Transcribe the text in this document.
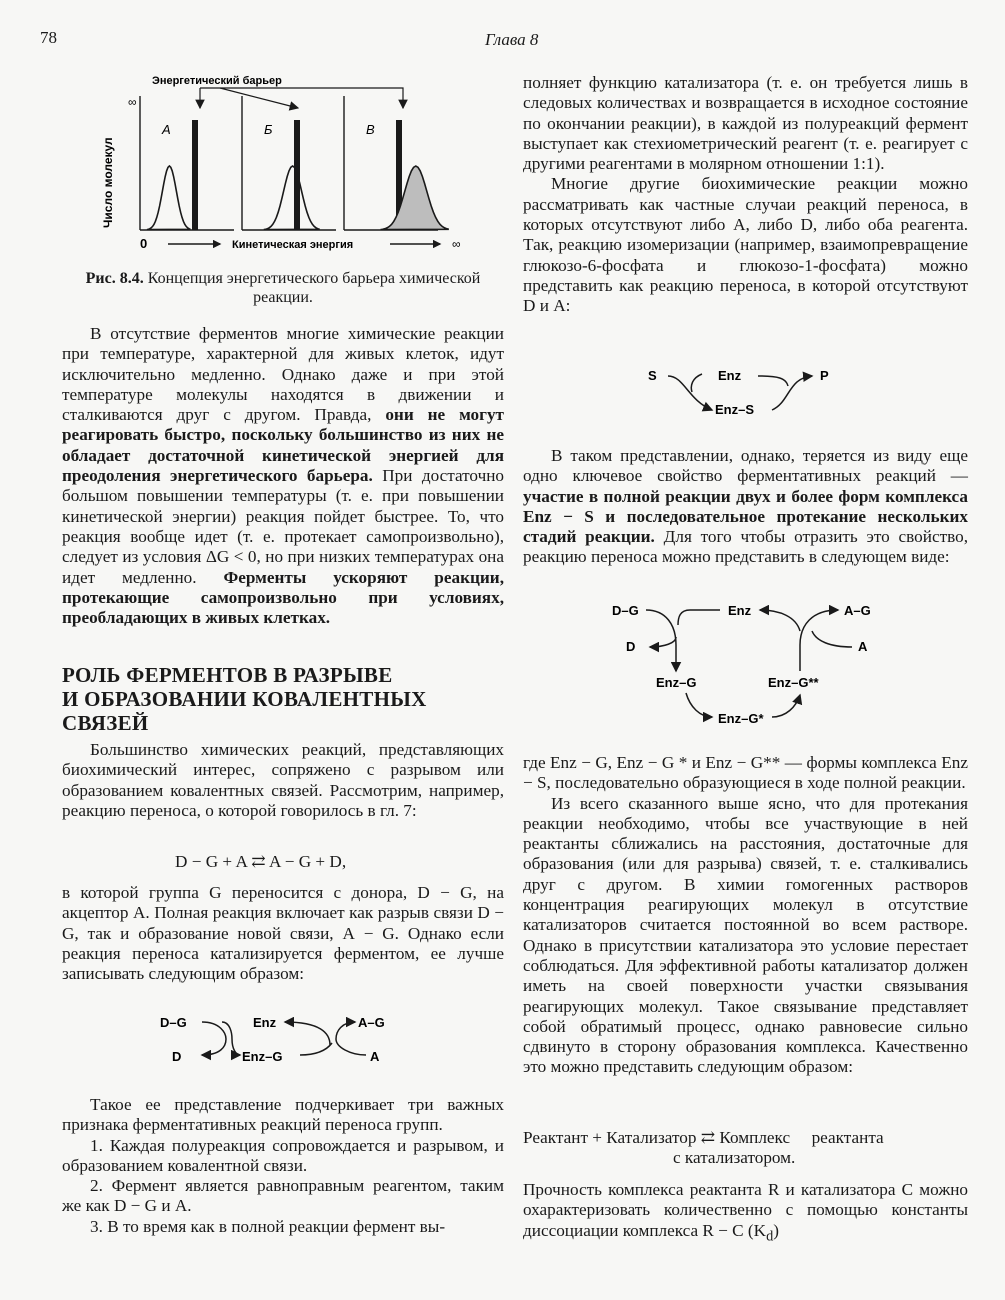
78	Глава 8
Энергетический барьер
Число молекул
∞
0	Кинетическая энергия	∞
А	Б	В
Рис. 8.4. Концепция энергетического барьера химической реакции.

В отсутствие ферментов многие химические реакции при температуре, характерной для живых клеток, идут исключительно медленно. Однако даже и при этой температуре молекулы находятся в движении и сталкиваются друг с другом. Правда, они не могут реагировать быстро, поскольку большинство из них не обладает достаточной кинетической энергией для преодоления энергетического барьера. При достаточно большом повышении температуры (т. е. при повышении кинетической энергии) реакция пойдет быстрее. То, что реакция вообще идет (т. е. протекает самопроизвольно), следует из условия ΔG < 0, но при низких температурах она идет медленно. Ферменты ускоряют реакции, протекающие самопроизвольно при условиях, преобладающих в живых клетках.

РОЛЬ ФЕРМЕНТОВ В РАЗРЫВЕ
И ОБРАЗОВАНИИ КОВАЛЕНТНЫХ
СВЯЗЕЙ

Большинство химических реакций, представляющих биохимический интерес, сопряжено с разрывом или образованием ковалентных связей. Рассмотрим, например, реакцию переноса, о которой говорилось в гл. 7:

D − G + A ⇄ A − G + D,

в которой группа G переносится с донора, D − G, на акцептор А. Полная реакция включает как разрыв связи D − G, так и образование новой связи, А − G. Однако если реакция переноса катализируется ферментом, ее лучше записывать следующим образом:

D–G	Enz	A–G
D	Enz–G	A

Такое ее представление подчеркивает три важных признака ферментативных реакций переноса групп.

1. Каждая полуреакция сопровождается и разрывом, и образованием ковалентной связи.

2. Фермент является равноправным реагентом, таким же как D − G и A.

3. В то время как в полной реакции фермент вы-

полняет функцию катализатора (т. е. он требуется лишь в следовых количествах и возвращается в исходное состояние по окончании реакции), в каждой из полуреакций фермент выступает как стехиометрический реагент (т. е. реагирует с другими реагентами в молярном отношении 1:1).

Многие другие биохимические реакции можно рассматривать как частные случаи реакций переноса, в которых отсутствуют либо А, либо D, либо оба реагента. Так, реакцию изомеризации (например, взаимопревращение глюкозо-6-фосфата и глюкозо-1-фосфата) можно представить как реакцию переноса, в которой отсутствуют D и А:

S	Enz	P
Enz–S

В таком представлении, однако, теряется из виду еще одно ключевое свойство ферментативных реакций — участие в полной реакции двух и более форм комплекса Enz − S и последовательное протекание нескольких стадий реакции. Для того чтобы отразить это свойство, реакцию переноса можно представить в следующем виде:

D–G	Enz	A–G
D	A
Enz–G	Enz–G**
Enz–G*

где Enz − G, Enz − G * и Enz − G** — формы комплекса Enz − S, последовательно образующиеся в ходе полной реакции.

Из всего сказанного выше ясно, что для протекания реакции необходимо, чтобы все участвующие в ней реактанты сближались на расстояния, достаточные для образования (или для разрыва) связей, т. е. сталкивались друг с другом. В химии гомогенных растворов концентрация реагирующих молекул в отсутствие катализаторов считается постоянной во всем растворе. Однако в присутствии катализатора это условие перестает соблюдаться. Для эффективной работы катализатор должен иметь на своей поверхности участки связывания реагирующих молекул. Такое связывание представляет собой обратимый процесс, однако равновесие сильно сдвинуто в сторону образования комплекса. Качественно это можно представить следующим образом:

Реактант + Катализатор ⇄ Комплекс     реактанта
с катализатором.

Прочность комплекса реактанта R и катализатора С можно охарактеризовать количественно с помощью константы диссоциации комплекса R − C $(K_d)$
